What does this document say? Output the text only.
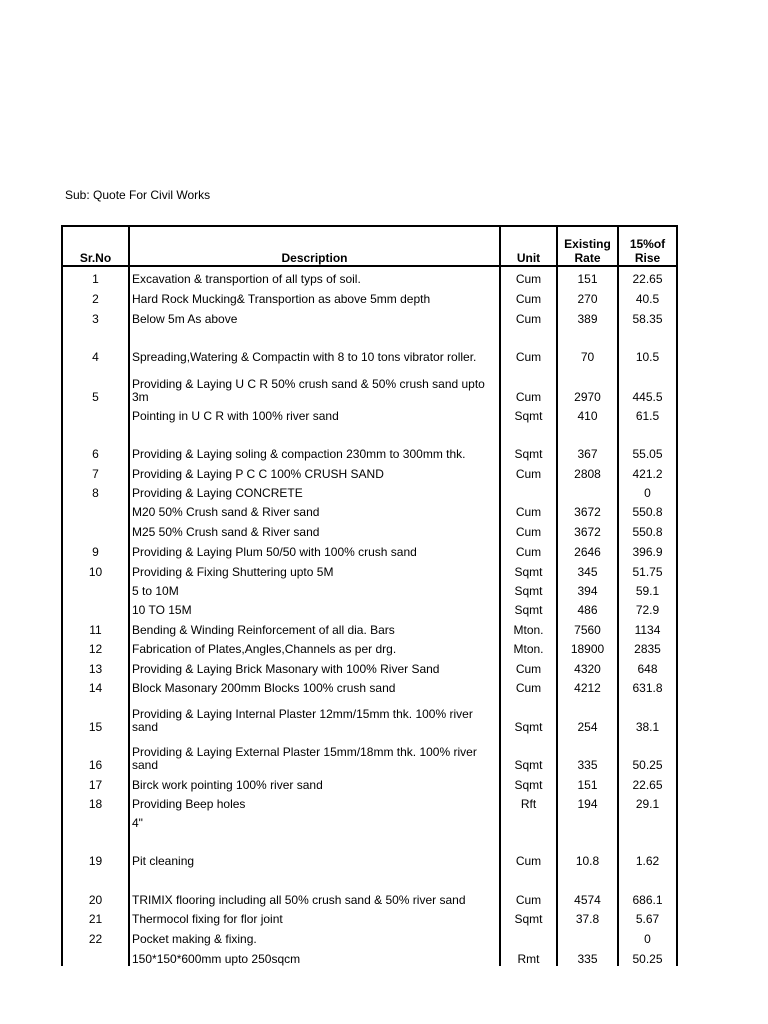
Sub: Quote For Civil Works
Sr.No	Description	Unit	Existing Rate	15%of Rise
1	Excavation & transportion of all typs of soil.	Cum	151	22.65
2	Hard Rock Mucking& Transportion as above 5mm depth	Cum	270	40.5
3	Below 5m As above	Cum	389	58.35
4	Spreading,Watering & Compactin with 8 to 10 tons vibrator roller.	Cum	70	10.5
5	Providing & Laying U C R 50% crush sand & 50% crush sand upto 3m	Cum	2970	445.5
	Pointing in U C R with 100% river sand	Sqmt	410	61.5
6	Providing & Laying soling & compaction 230mm to 300mm thk.	Sqmt	367	55.05
7	Providing & Laying P C C 100% CRUSH SAND	Cum	2808	421.2
8	Providing & Laying CONCRETE			0
	M20 50% Crush sand & River sand	Cum	3672	550.8
	M25 50% Crush sand & River sand	Cum	3672	550.8
9	Providing & Laying Plum 50/50 with 100% crush sand	Cum	2646	396.9
10	Providing & Fixing Shuttering upto 5M	Sqmt	345	51.75
	5 to 10M	Sqmt	394	59.1
	10 TO 15M	Sqmt	486	72.9
11	Bending & Winding Reinforcement of all dia. Bars	Mton.	7560	1134
12	Fabrication of Plates,Angles,Channels as per drg.	Mton.	18900	2835
13	Providing & Laying Brick Masonary with 100% River Sand	Cum	4320	648
14	Block Masonary 200mm Blocks 100% crush sand	Cum	4212	631.8
15	Providing & Laying Internal Plaster 12mm/15mm thk. 100% river sand	Sqmt	254	38.1
16	Providing & Laying External Plaster 15mm/18mm thk. 100% river sand	Sqmt	335	50.25
17	Birck work pointing 100% river sand	Sqmt	151	22.65
18	Providing Beep holes	Rft	194	29.1
	4"			
19	Pit cleaning	Cum	10.8	1.62
20	TRIMIX flooring including all 50% crush sand & 50% river sand	Cum	4574	686.1
21	Thermocol fixing for flor joint	Sqmt	37.8	5.67
22	Pocket making & fixing.			0
	150*150*600mm upto 250sqcm	Rmt	335	50.25
